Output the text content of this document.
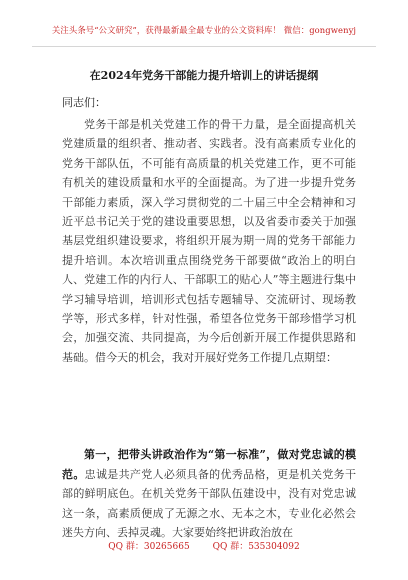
关注头条号“公文研究”，获得最新最全最专业的公文资料库！ 微信：gongwenyj
在2024年党务干部能力提升培训上的讲话提纲
同志们：

党务干部是机关党建工作的骨干力量，是全面提高机关党建质量的组织者、推动者、实践者。没有高素质专业化的党务干部队伍，不可能有高质量的机关党建工作，更不可能有机关的建设质量和水平的全面提高。为了进一步提升党务干部能力素质，深入学习贯彻党的二十届三中全会精神和习近平总书记关于党的建设重要思想，以及省委市委关于加强基层党组织建设要求，将组织开展为期一周的党务干部能力提升培训。本次培训重点围绕党务干部要做“政治上的明白人、党建工作的内行人、干部职工的贴心人”等主题进行集中学习辅导培训，培训形式包括专题辅导、交流研讨、现场教学等，形式多样，针对性强，希望各位党务干部珍惜学习机会，加强交流、共同提高，为今后创新开展工作提供思路和基础。借今天的机会，我对开展好党务工作提几点期望：

第一，把带头讲政治作为“第一标准”，做对党忠诚的模范。忠诚是共产党人必须具备的优秀品格，更是机关党务干部的鲜明底色。在机关党务干部队伍建设中，没有对党忠诚这一条，高素质便成了无源之水、无本之木，专业化必然会迷失方向、丢掉灵魂。大家要始终把讲政治放在

QQ 群：30265665	QQ 群：535304092
